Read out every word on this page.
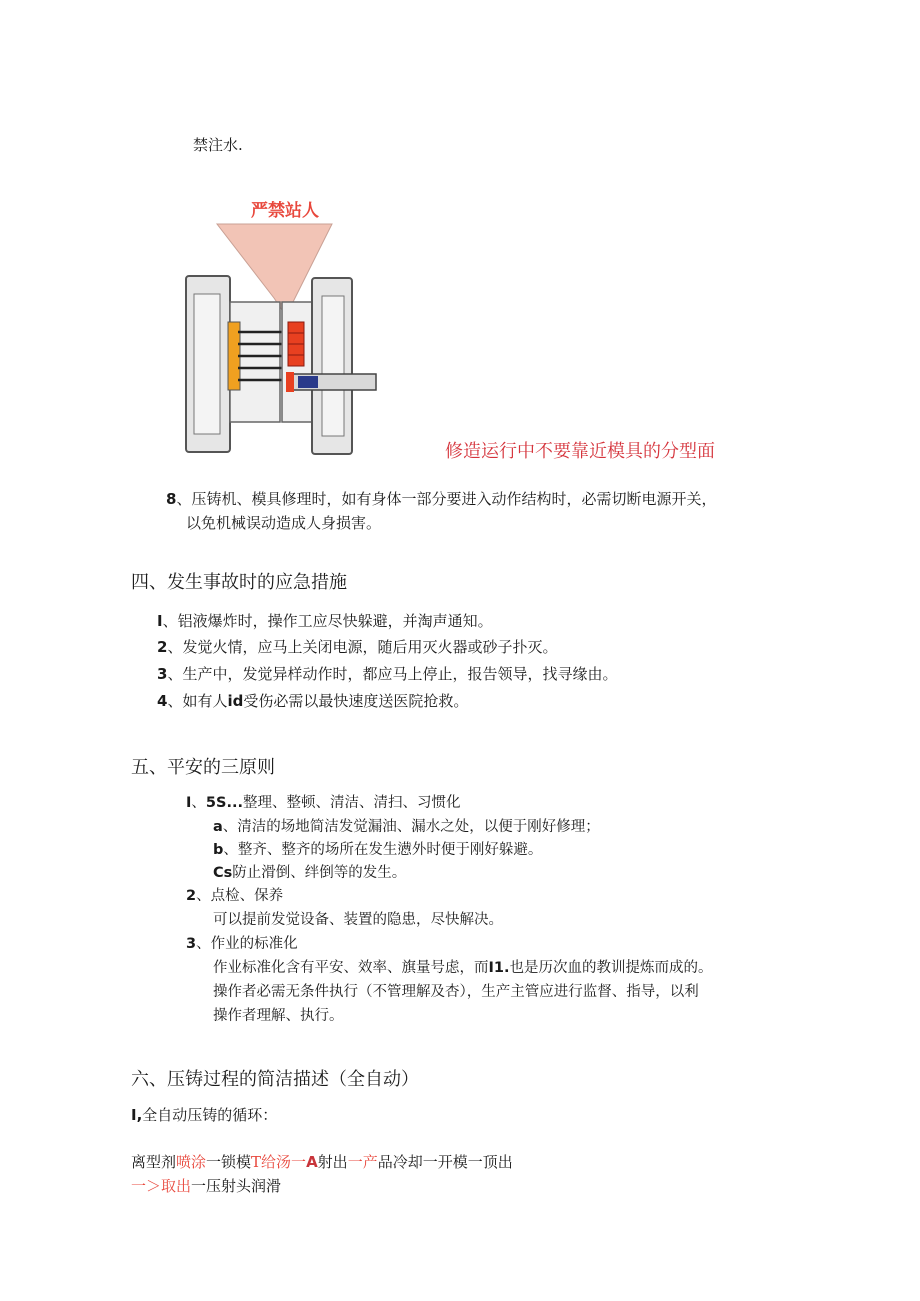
禁注水.
严禁站人
修造运行中不要靠近模具的分型面
8、压铸机、模具修理时，如有身体一部分要进入动作结构时，必需切断电源开关，
以免机械误动造成人身损害。
四、发生事故时的应急措施
I、铝液爆炸时，操作工应尽快躲避，并淘声通知。
2、发觉火情，应马上关闭电源，随后用灭火器或砂子扑灭。
3、生产中，发觉异样动作时，都应马上停止，报告领导，找寻缘由。
4、如有人id受伤必需以最快速度送医院抢救。
五、平安的三原则
I、5S...整理、整顿、清洁、清扫、习惯化
a、清洁的场地简洁发觉漏油、漏水之处，以便于刚好修理；
b、整齐、整齐的场所在发生懑外时便于刚好躲避。
Cs防止滑倒、绊倒等的发生。
2、点检、保养
可以提前发觉设备、装置的隐患，尽快解决。
3、作业的标准化
作业标准化含有平安、效率、旗量号虑，而I1.也是历次血的教训提炼而成的。
操作者必需无条件执行（不管理解及杏），生产主管应进行监督、指导，以利
操作者理解、执行。
六、压铸过程的简洁描述（全自动）
I,全自动压铸的循环：
离型剂喷涂一锁模T给汤一A射出一产品冷却一开模一顶出
一＞取出一压射头润滑
